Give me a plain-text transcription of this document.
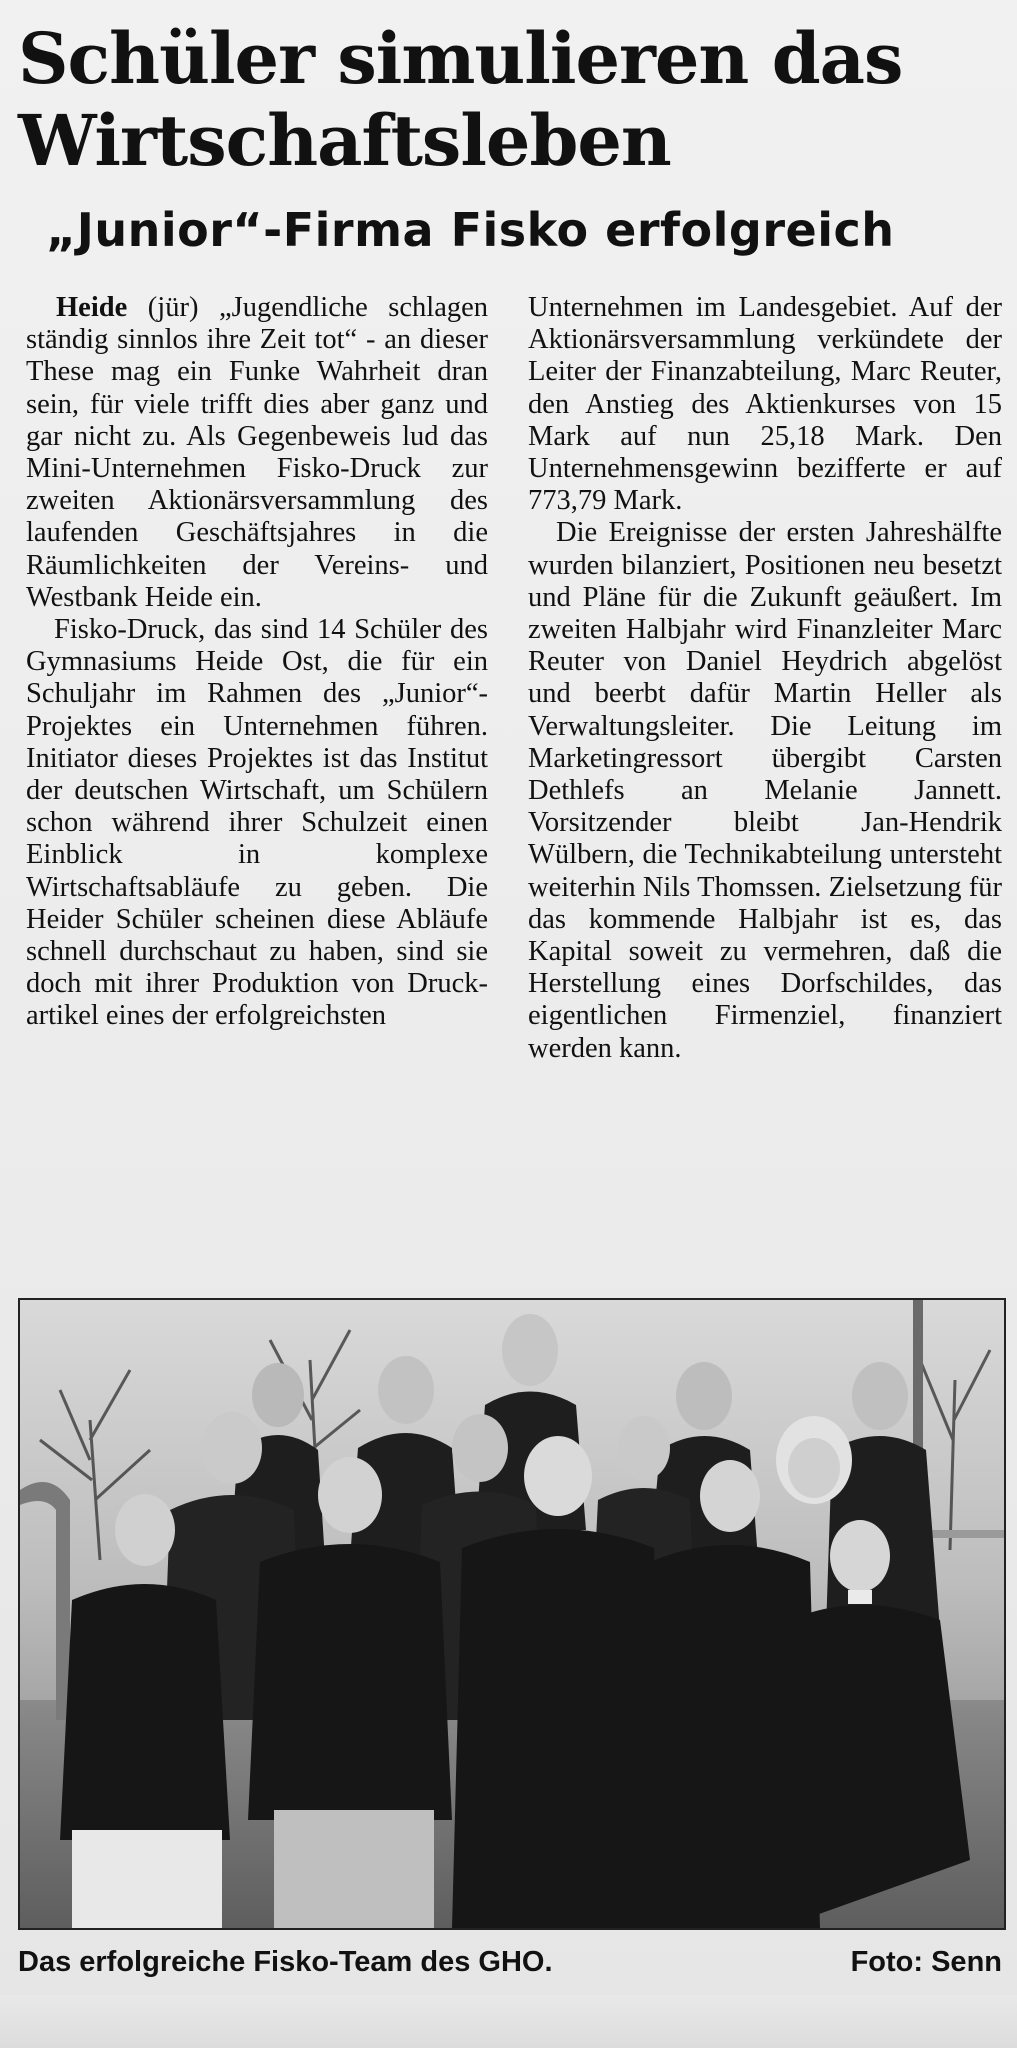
Schüler simulieren das
Wirtschaftsleben
„Junior“-Firma Fisko erfolgreich

Heide (jür) „Jugendliche schlagen ständig sinnlos ihre Zeit tot“ - an dieser These mag ein Funke Wahrheit dran sein, für viele trifft dies aber ganz und gar nicht zu. Als Gegenbeweis lud das Mini-Unternehmen Fisko-Druck zur zweiten Aktionärsversammlung des laufenden Geschäftsjahres in die Räumlichkeiten der Vereins- und Westbank Heide ein.

Fisko-Druck, das sind 14 Schüler des Gymnasiums Heide Ost, die für ein Schuljahr im Rahmen des „Junior“-Projektes ein Unternehmen führen. Initiator dieses Projektes ist das Institut der deutschen Wirtschaft, um Schülern schon während ihrer Schulzeit einen Einblick in komplexe Wirtschaftsabläufe zu geben. Die Heider Schüler scheinen diese Abläufe schnell durchschaut zu haben, sind sie doch mit ihrer Produktion von Druckartikel eines der erfolgreichsten

Unternehmen im Landesgebiet. Auf der Aktionärsversammlung verkündete der Leiter der Finanzabteilung, Marc Reuter, den Anstieg des Aktienkurses von 15 Mark auf nun 25,18 Mark. Den Unternehmensgewinn bezifferte er auf 773,79 Mark.

Die Ereignisse der ersten Jahreshälfte wurden bilanziert, Positionen neu besetzt und Pläne für die Zukunft geäußert. Im zweiten Halbjahr wird Finanzleiter Marc Reuter von Daniel Heydrich abgelöst und beerbt dafür Martin Heller als Verwaltungsleiter. Die Leitung im Marketingressort übergibt Carsten Dethlefs an Melanie Jannett. Vorsitzender bleibt Jan-Hendrik Wülbern, die Technikabteilung untersteht weiterhin Nils Thomssen. Zielsetzung für das kommende Halbjahr ist es, das Kapital soweit zu vermehren, daß die Herstellung eines Dorfschildes, das eigentlichen Firmenziel, finanziert werden kann.

Das erfolgreiche Fisko-Team des GHO.	Foto: Senn
